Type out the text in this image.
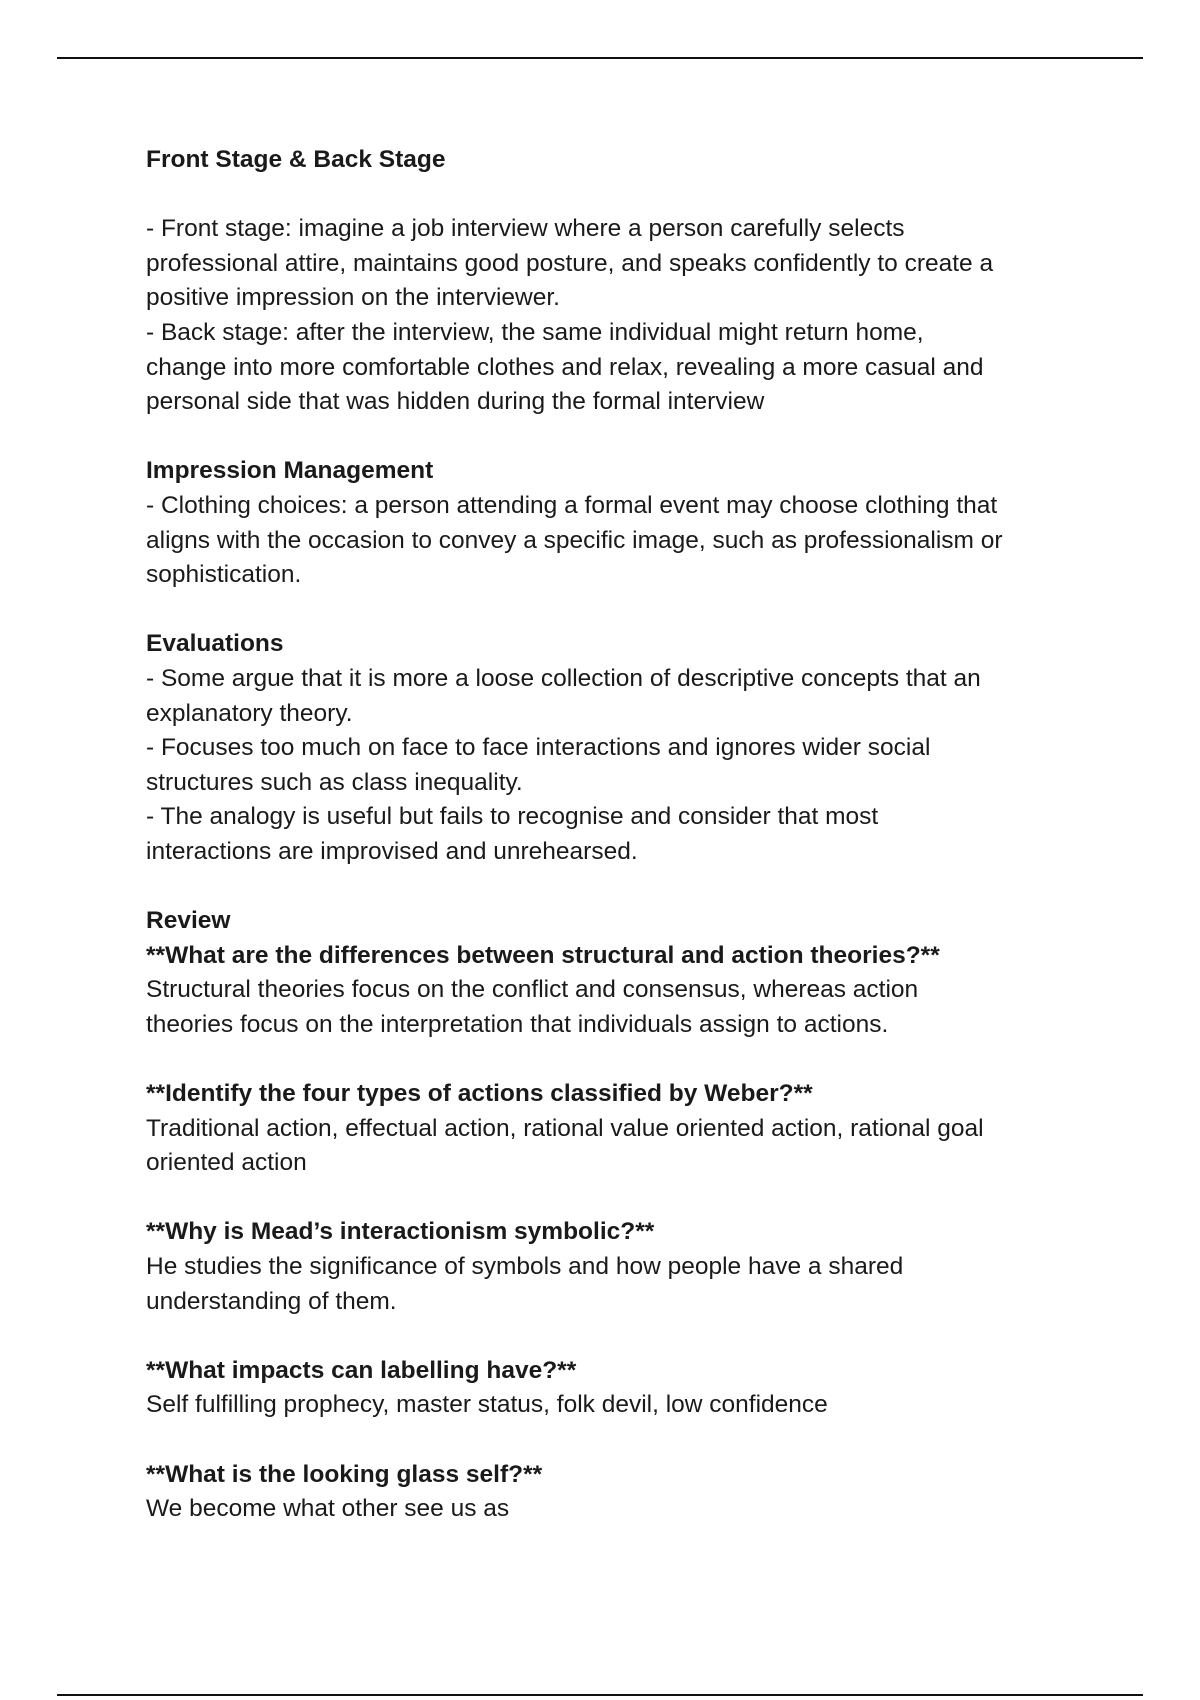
Front Stage & Back Stage

- Front stage: imagine a job interview where a person carefully selects

professional attire, maintains good posture, and speaks confidently to create a

positive impression on the interviewer.

- Back stage: after the interview, the same individual might return home,

change into more comfortable clothes and relax, revealing a more casual and

personal side that was hidden during the formal interview

Impression Management

- Clothing choices: a person attending a formal event may choose clothing that

aligns with the occasion to convey a specific image, such as professionalism or

sophistication.

Evaluations

- Some argue that it is more a loose collection of descriptive concepts that an

explanatory theory.

- Focuses too much on face to face interactions and ignores wider social

structures such as class inequality.

- The analogy is useful but fails to recognise and consider that most

interactions are improvised and unrehearsed.

Review

**What are the differences between structural and action theories?**

Structural theories focus on the conflict and consensus, whereas action

theories focus on the interpretation that individuals assign to actions.

**Identify the four types of actions classified by Weber?**

Traditional action, effectual action, rational value oriented action, rational goal

oriented action

**Why is Mead’s interactionism symbolic?**

He studies the significance of symbols and how people have a shared

understanding of them.

**What impacts can labelling have?**

Self fulfilling prophecy, master status, folk devil, low confidence

**What is the looking glass self?**

We become what other see us as
